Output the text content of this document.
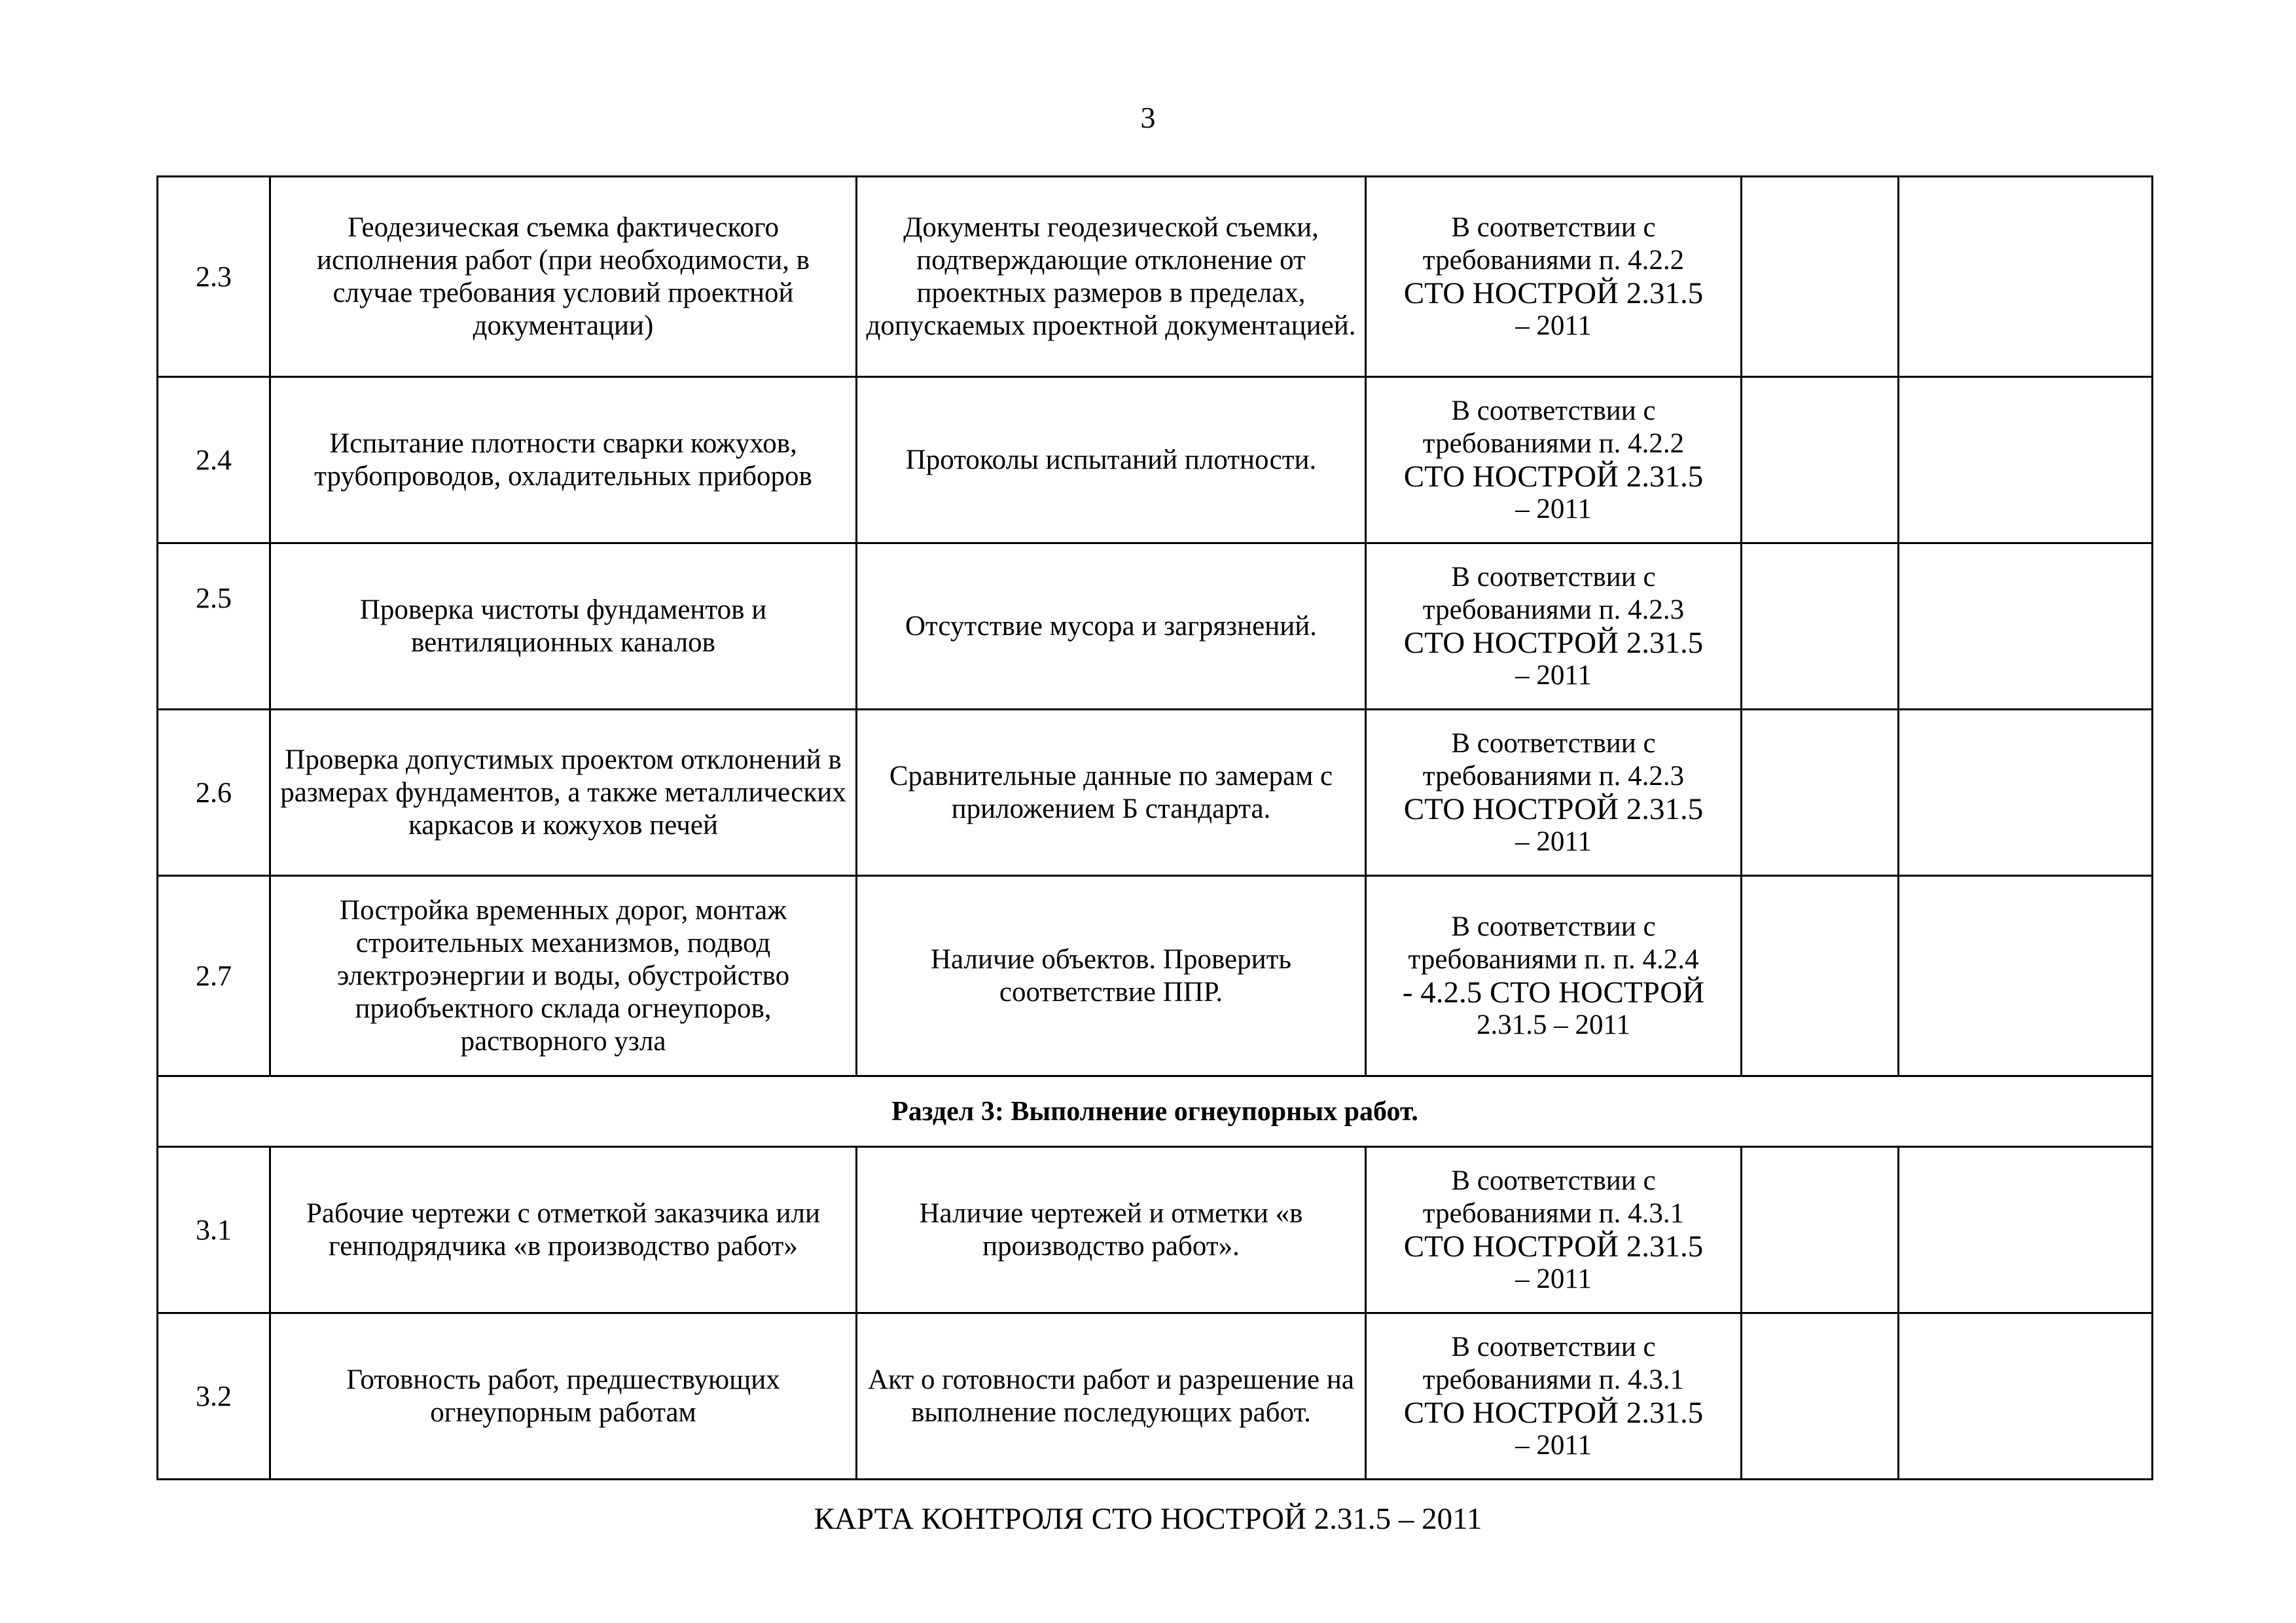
3
2.3	Геодезическая съемка фактического исполнения работ (при необходимости, в случае требования условий проектной документации)	Документы геодезической съемки, подтверждающие отклонение от проектных размеров в пределах, допускаемых проектной документацией.	В соответствии с
требованиями п. 4.2.2
СТО НОСТРОЙ 2.31.5
– 2011		

2.4	Испытание плотности сварки кожухов, трубопроводов, охладительных приборов	Протоколы испытаний плотности.	В соответствии с
требованиями п. 4.2.2
СТО НОСТРОЙ 2.31.5
– 2011		

2.5	Проверка чистоты фундаментов и вентиляционных каналов	Отсутствие мусора и загрязнений.	В соответствии с
требованиями п. 4.2.3
СТО НОСТРОЙ 2.31.5
– 2011		

2.6	Проверка допустимых проектом отклонений в размерах фундаментов, а также металлических каркасов и кожухов печей	Сравнительные данные по замерам с приложением Б стандарта.	В соответствии с
требованиями п. 4.2.3
СТО НОСТРОЙ 2.31.5
– 2011		

2.7	Постройка временных дорог, монтаж строительных механизмов, подвод электроэнергии и воды, обустройство приобъектного склада огнеупоров, растворного узла	Наличие объектов. Проверить соответствие ППР.	В соответствии с
требованиями п. п. 4.2.4
- 4.2.5 СТО НОСТРОЙ
2.31.5 – 2011		

Раздел 3: Выполнение огнеупорных работ.					
3.1	Рабочие чертежи с отметкой заказчика или генподрядчика «в производство работ»	Наличие чертежей и отметки «в производство работ».	В соответствии с
требованиями п. 4.3.1
СТО НОСТРОЙ 2.31.5
– 2011		

3.2	Готовность работ, предшествующих огнеупорным работам	Акт о готовности работ и разрешение на выполнение последующих работ.	В соответствии с
требованиями п. 4.3.1
СТО НОСТРОЙ 2.31.5
– 2011		

КАРТА КОНТРОЛЯ СТО НОСТРОЙ 2.31.5 – 2011
